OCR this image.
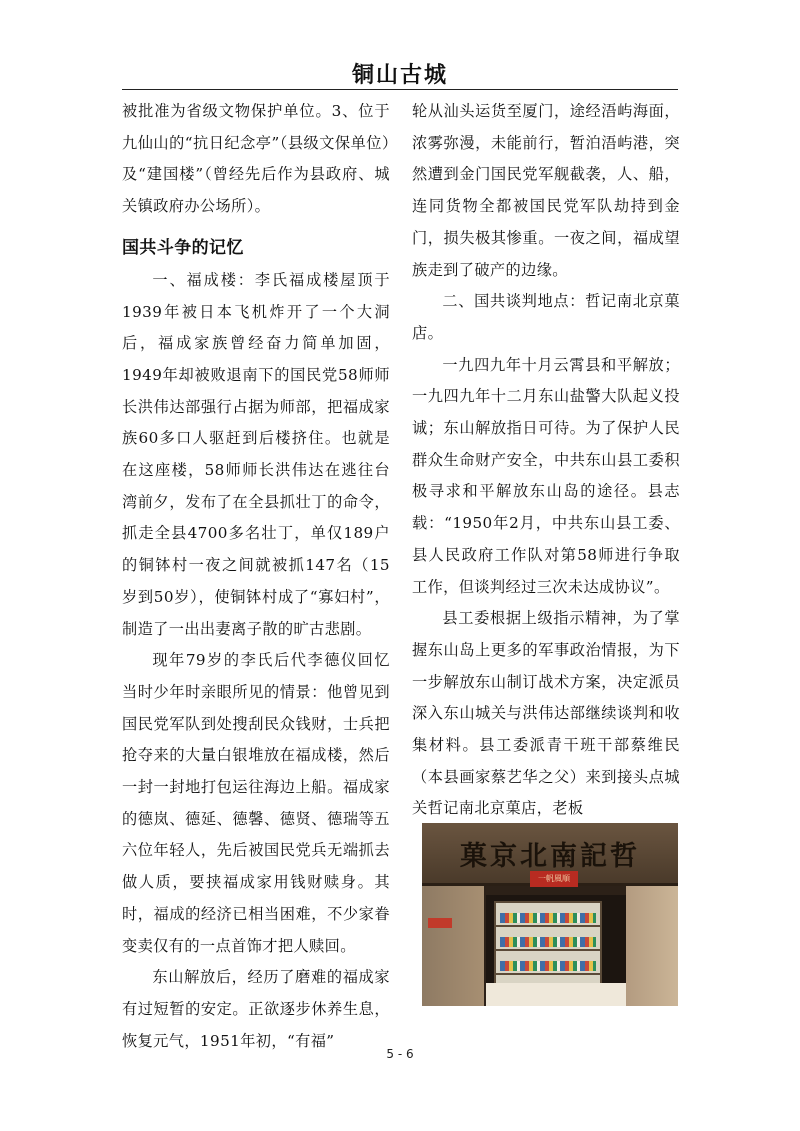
铜山古城

被批准为省级文物保护单位。3、位于九仙山的“抗日纪念亭”（县级文保单位）及“建国楼”（曾经先后作为县政府、城关镇政府办公场所）。

国共斗争的记忆

一、福成楼：李氏福成楼屋顶于1939年被日本飞机炸开了一个大洞后，福成家族曾经奋力简单加固，1949年却被败退南下的国民党58师师长洪伟达部强行占据为师部，把福成家族60多口人驱赶到后楼挤住。也就是在这座楼，58师师长洪伟达在逃往台湾前夕，发布了在全县抓壮丁的命令，抓走全县4700多名壮丁，单仅189户的铜钵村一夜之间就被抓147名（15岁到50岁），使铜钵村成了“寡妇村”，制造了一出出妻离子散的旷古悲剧。

现年79岁的李氏后代李德仪回忆当时少年时亲眼所见的情景：他曾见到国民党军队到处搜刮民众钱财，士兵把抢夺来的大量白银堆放在福成楼，然后一封一封地打包运往海边上船。福成家的德岚、德延、德馨、德贤、德瑞等五六位年轻人，先后被国民党兵无端抓去做人质，要挟福成家用钱财赎身。其时，福成的经济已相当困难，不少家眷变卖仅有的一点首饰才把人赎回。

东山解放后，经历了磨难的福成家有过短暂的安定。正欲逐步休养生息，恢复元气，1951年初，“有福”

轮从汕头运货至厦门，途经浯屿海面，浓雾弥漫，未能前行，暂泊浯屿港，突然遭到金门国民党军舰截袭，人、船，连同货物全都被国民党军队劫持到金门，损失极其惨重。一夜之间，福成望族走到了破产的边缘。

二、国共谈判地点：哲记南北京菓店。

一九四九年十月云霄县和平解放；一九四九年十二月东山盐警大队起义投诚；东山解放指日可待。为了保护人民群众生命财产安全，中共东山县工委积极寻求和平解放东山岛的途径。县志载：“1950年2月，中共东山县工委、县人民政府工作队对第58师进行争取工作，但谈判经过三次未达成协议”。

县工委根据上级指示精神，为了掌握东山岛上更多的军事政治情报，为下一步解放东山制订战术方案，决定派员深入东山城关与洪伟达部继续谈判和收集材料。县工委派青干班干部蔡维民（本县画家蔡艺华之父）来到接头点城关哲记南北京菓店，老板

菓京北南記哲
一帆風順
5 - 6
